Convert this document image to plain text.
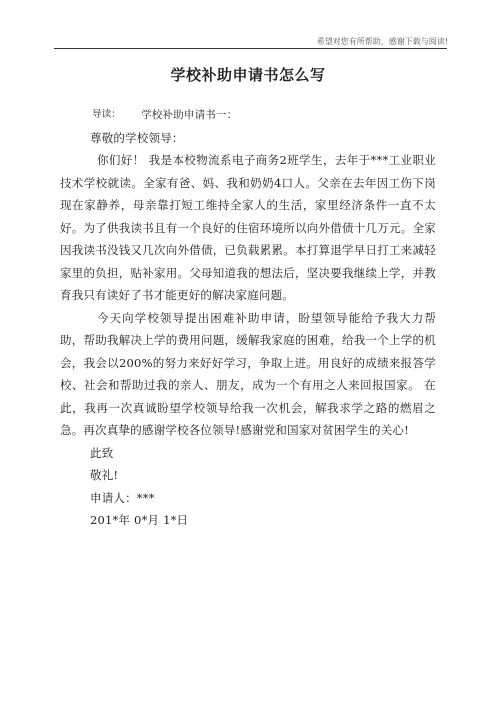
希望对您有所帮助，感谢下载与阅读!
学校补助申请书怎么写
导读： 学校补助申请书一：

尊敬的学校领导：

你们好！ 我是本校物流系电子商务2班学生，去年于***工业职业技术学校就读。全家有爸、妈、我和奶奶4口人。父亲在去年因工伤下岗现在家静养，母亲靠打短工维持全家人的生活，家里经济条件一直不太好。为了供我读书且有一个良好的住宿环境所以向外借债十几万元。全家因我读书没钱又几次向外借债，已负载累累。本打算退学早日打工来减轻家里的负担，贴补家用。父母知道我的想法后，坚决要我继续上学，并教育我只有读好了书才能更好的解决家庭问题。

今天向学校领导提出困难补助申请，盼望领导能给予我大力帮助，帮助我解决上学的费用问题，缓解我家庭的困难，给我一个上学的机会，我会以200%的努力来好好学习，争取上进。用良好的成绩来报答学校、社会和帮助过我的亲人、朋友，成为一个有用之人来回报国家。 在此，我再一次真诚盼望学校领导给我一次机会，解我求学之路的燃眉之急。再次真挚的感谢学校各位领导!感谢党和国家对贫困学生的关心!

此致

敬礼!

申请人：***

201*年 0*月 1*日
